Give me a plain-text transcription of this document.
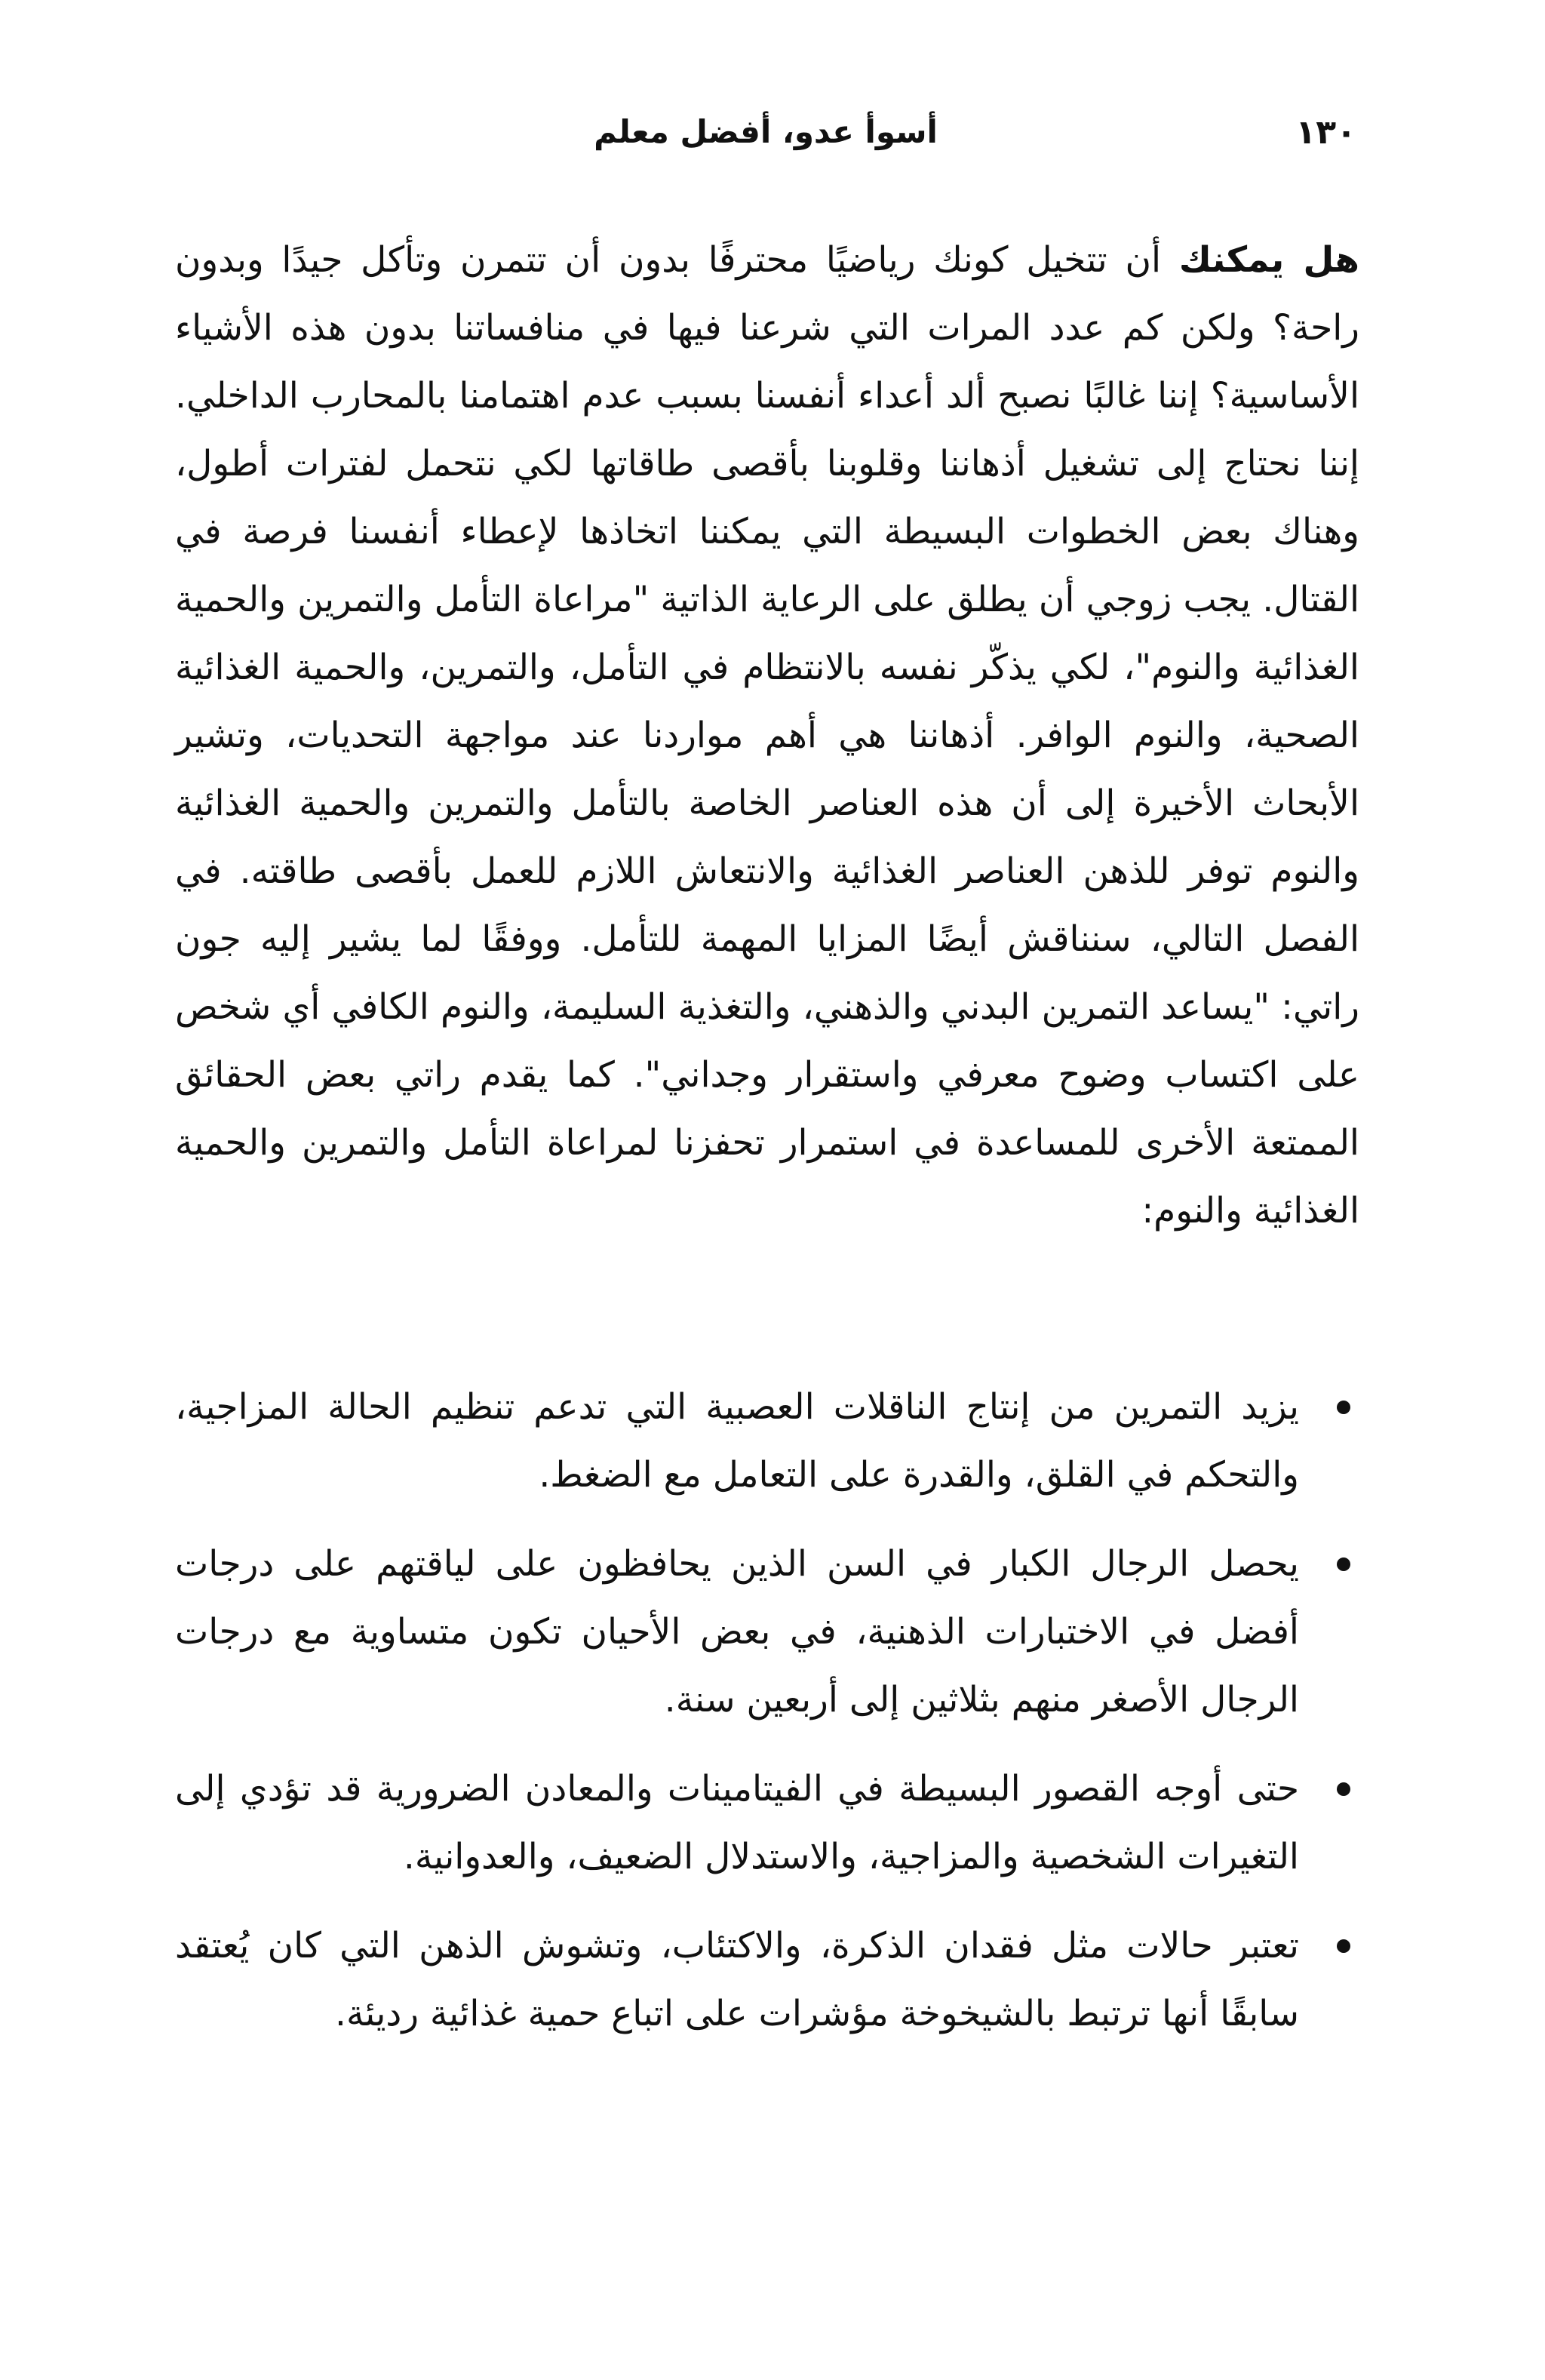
١٣٠
أسوأ عدو، أفضل معلم

هل يمكنك أن تتخيل كونك رياضيًا محترفًا بدون أن تتمرن وتأكل جيدًا وبدون راحة؟ ولكن كم عدد المرات التي شرعنا فيها في منافساتنا بدون هذه الأشياء الأساسية؟ إننا غالبًا نصبح ألد أعداء أنفسنا بسبب عدم اهتمامنا بالمحارب الداخلي. إننا نحتاج إلى تشغيل أذهاننا وقلوبنا بأقصى طاقاتها لكي نتحمل لفترات أطول، وهناك بعض الخطوات البسيطة التي يمكننا اتخاذها لإعطاء أنفسنا فرصة في القتال. يجب زوجي أن يطلق على الرعاية الذاتية "مراعاة التأمل والتمرين والحمية الغذائية والنوم"، لكي يذكّر نفسه بالانتظام في التأمل، والتمرين، والحمية الغذائية الصحية، والنوم الوافر. أذهاننا هي أهم مواردنا عند مواجهة التحديات، وتشير الأبحاث الأخيرة إلى أن هذه العناصر الخاصة بالتأمل والتمرين والحمية الغذائية والنوم توفر للذهن العناصر الغذائية والانتعاش اللازم للعمل بأقصى طاقته. في الفصل التالي، سنناقش أيضًا المزايا المهمة للتأمل. ووفقًا لما يشير إليه جون راتي: "يساعد التمرين البدني والذهني، والتغذية السليمة، والنوم الكافي أي شخص على اكتساب وضوح معرفي واستقرار وجداني". كما يقدم راتي بعض الحقائق الممتعة الأخرى للمساعدة في استمرار تحفزنا لمراعاة التأمل والتمرين والحمية الغذائية والنوم:

يزيد التمرين من إنتاج الناقلات العصبية التي تدعم تنظيم الحالة المزاجية، والتحكم في القلق، والقدرة على التعامل مع الضغط.
يحصل الرجال الكبار في السن الذين يحافظون على لياقتهم على درجات أفضل في الاختبارات الذهنية، في بعض الأحيان تكون متساوية مع درجات الرجال الأصغر منهم بثلاثين إلى أربعين سنة.
حتى أوجه القصور البسيطة في الفيتامينات والمعادن الضرورية قد تؤدي إلى التغيرات الشخصية والمزاجية، والاستدلال الضعيف، والعدوانية.
تعتبر حالات مثل فقدان الذكرة، والاكتئاب، وتشوش الذهن التي كان يُعتقد سابقًا أنها ترتبط بالشيخوخة مؤشرات على اتباع حمية غذائية رديئة.
